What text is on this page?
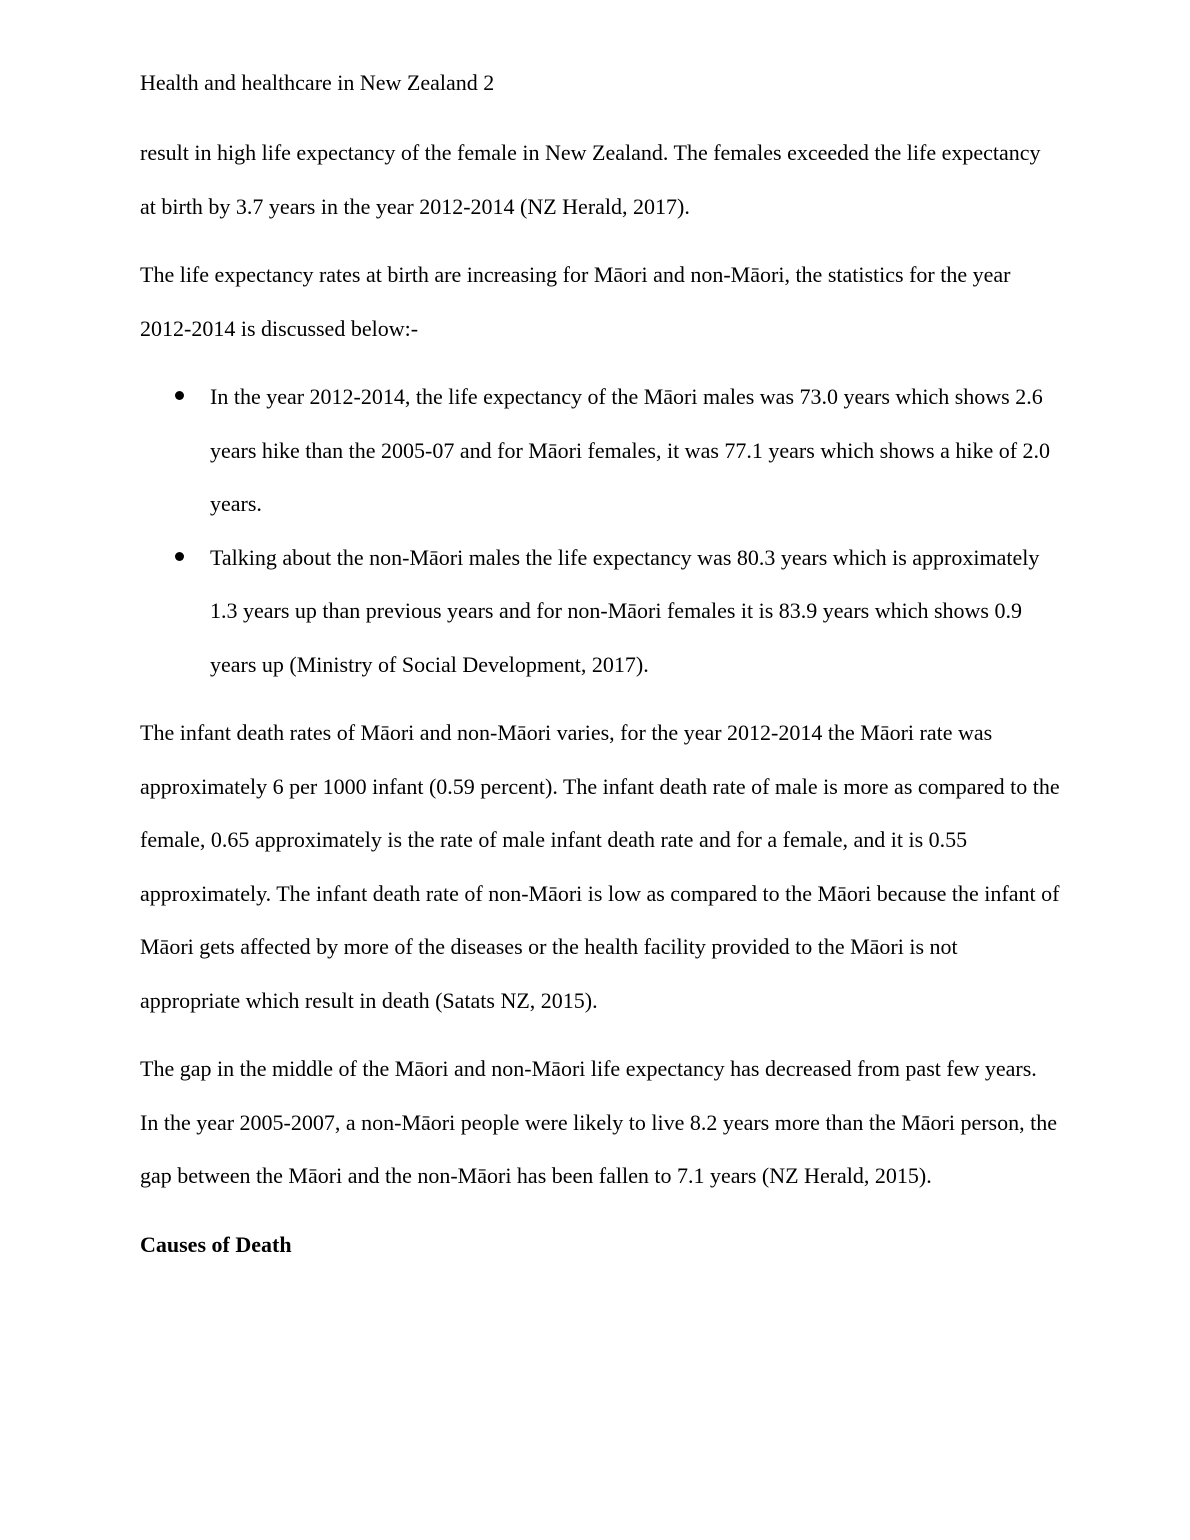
Health and healthcare in New Zealand 2

result in high life expectancy of the female in New Zealand. The females exceeded the life expectancy at birth by 3.7 years in the year 2012-2014 (NZ Herald, 2017).

The life expectancy rates at birth are increasing for Māori and non-Māori, the statistics for the year 2012-2014 is discussed below:-

In the year 2012-2014, the life expectancy of the Māori males was 73.0 years which shows 2.6 years hike than the 2005-07 and for Māori females, it was 77.1 years which shows a hike of 2.0 years.
Talking about the non-Māori males the life expectancy was 80.3 years which is approximately 1.3 years up than previous years and for non-Māori females it is 83.9 years which shows 0.9 years up (Ministry of Social Development, 2017).

The infant death rates of Māori and non-Māori varies, for the year 2012-2014 the Māori rate was approximately 6 per 1000 infant (0.59 percent). The infant death rate of male is more as compared to the female, 0.65 approximately is the rate of male infant death rate and for a female, and it is 0.55 approximately. The infant death rate of non-Māori is low as compared to the Māori because the infant of Māori gets affected by more of the diseases or the health facility provided to the Māori is not appropriate which result in death (Satats NZ, 2015).

The gap in the middle of the Māori and non-Māori life expectancy has decreased from past few years. In the year 2005-2007, a non-Māori people were likely to live 8.2 years more than the Māori person, the gap between the Māori and the non-Māori has been fallen to 7.1 years (NZ Herald, 2015).

Causes of Death
